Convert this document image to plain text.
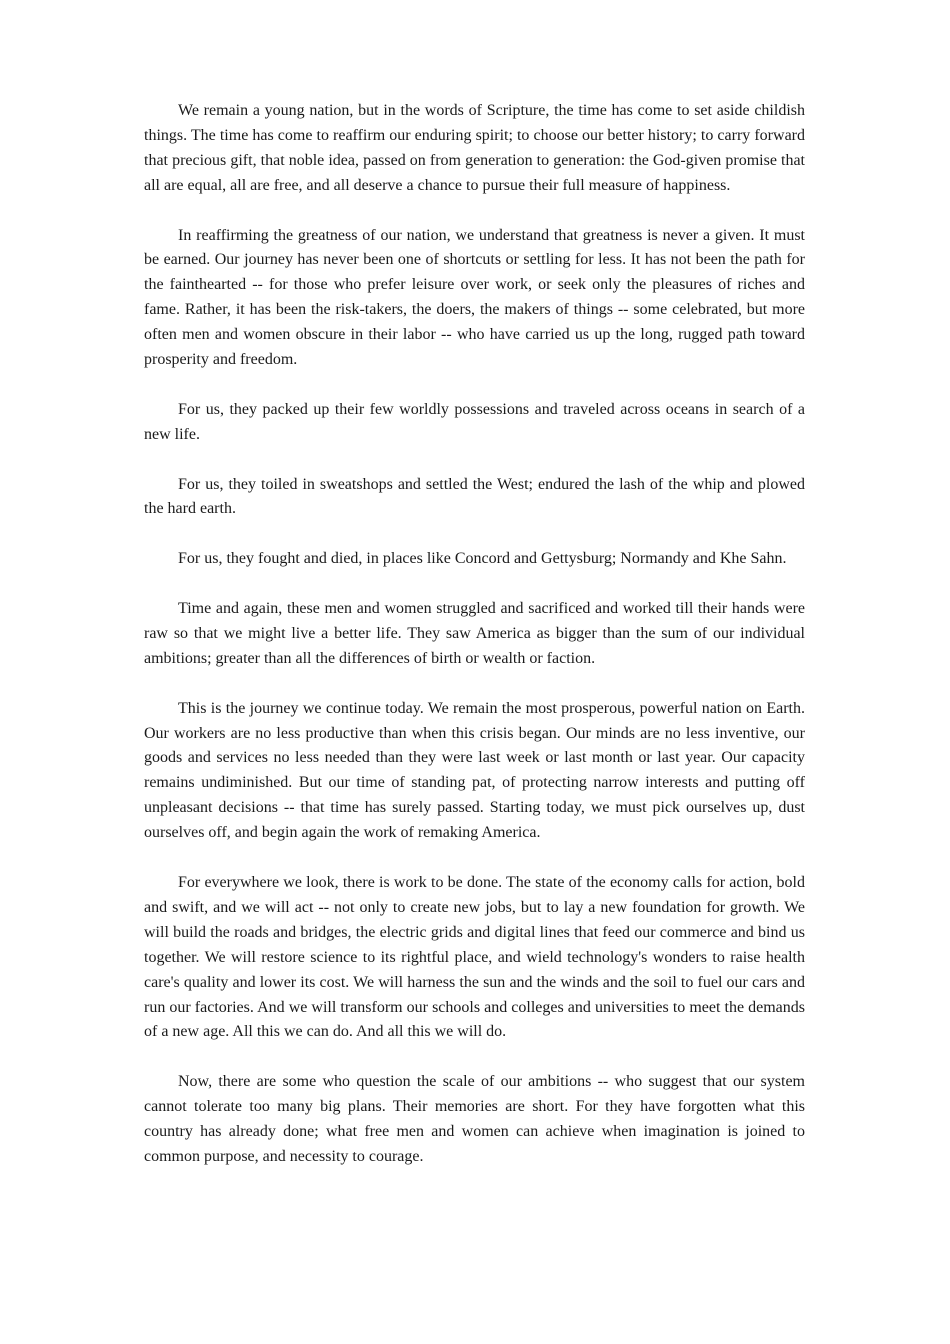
We remain a young nation, but in the words of Scripture, the time has come to set aside childish things. The time has come to reaffirm our enduring spirit; to choose our better history; to carry forward that precious gift, that noble idea, passed on from generation to generation: the God-given promise that all are equal, all are free, and all deserve a chance to pursue their full measure of happiness.

In reaffirming the greatness of our nation, we understand that greatness is never a given. It must be earned. Our journey has never been one of shortcuts or settling for less. It has not been the path for the fainthearted -- for those who prefer leisure over work, or seek only the pleasures of riches and fame. Rather, it has been the risk-takers, the doers, the makers of things -- some celebrated, but more often men and women obscure in their labor -- who have carried us up the long, rugged path toward prosperity and freedom.

For us, they packed up their few worldly possessions and traveled across oceans in search of a new life.

For us, they toiled in sweatshops and settled the West; endured the lash of the whip and plowed the hard earth.

For us, they fought and died, in places like Concord and Gettysburg; Normandy and Khe Sahn.

Time and again, these men and women struggled and sacrificed and worked till their hands were raw so that we might live a better life. They saw America as bigger than the sum of our individual ambitions; greater than all the differences of birth or wealth or faction.

This is the journey we continue today. We remain the most prosperous, powerful nation on Earth. Our workers are no less productive than when this crisis began. Our minds are no less inventive, our goods and services no less needed than they were last week or last month or last year. Our capacity remains undiminished. But our time of standing pat, of protecting narrow interests and putting off unpleasant decisions -- that time has surely passed. Starting today, we must pick ourselves up, dust ourselves off, and begin again the work of remaking America.

For everywhere we look, there is work to be done. The state of the economy calls for action, bold and swift, and we will act -- not only to create new jobs, but to lay a new foundation for growth. We will build the roads and bridges, the electric grids and digital lines that feed our commerce and bind us together. We will restore science to its rightful place, and wield technology's wonders to raise health care's quality and lower its cost. We will harness the sun and the winds and the soil to fuel our cars and run our factories. And we will transform our schools and colleges and universities to meet the demands of a new age. All this we can do. And all this we will do.

Now, there are some who question the scale of our ambitions -- who suggest that our system cannot tolerate too many big plans. Their memories are short. For they have forgotten what this country has already done; what free men and women can achieve when imagination is joined to common purpose, and necessity to courage.
